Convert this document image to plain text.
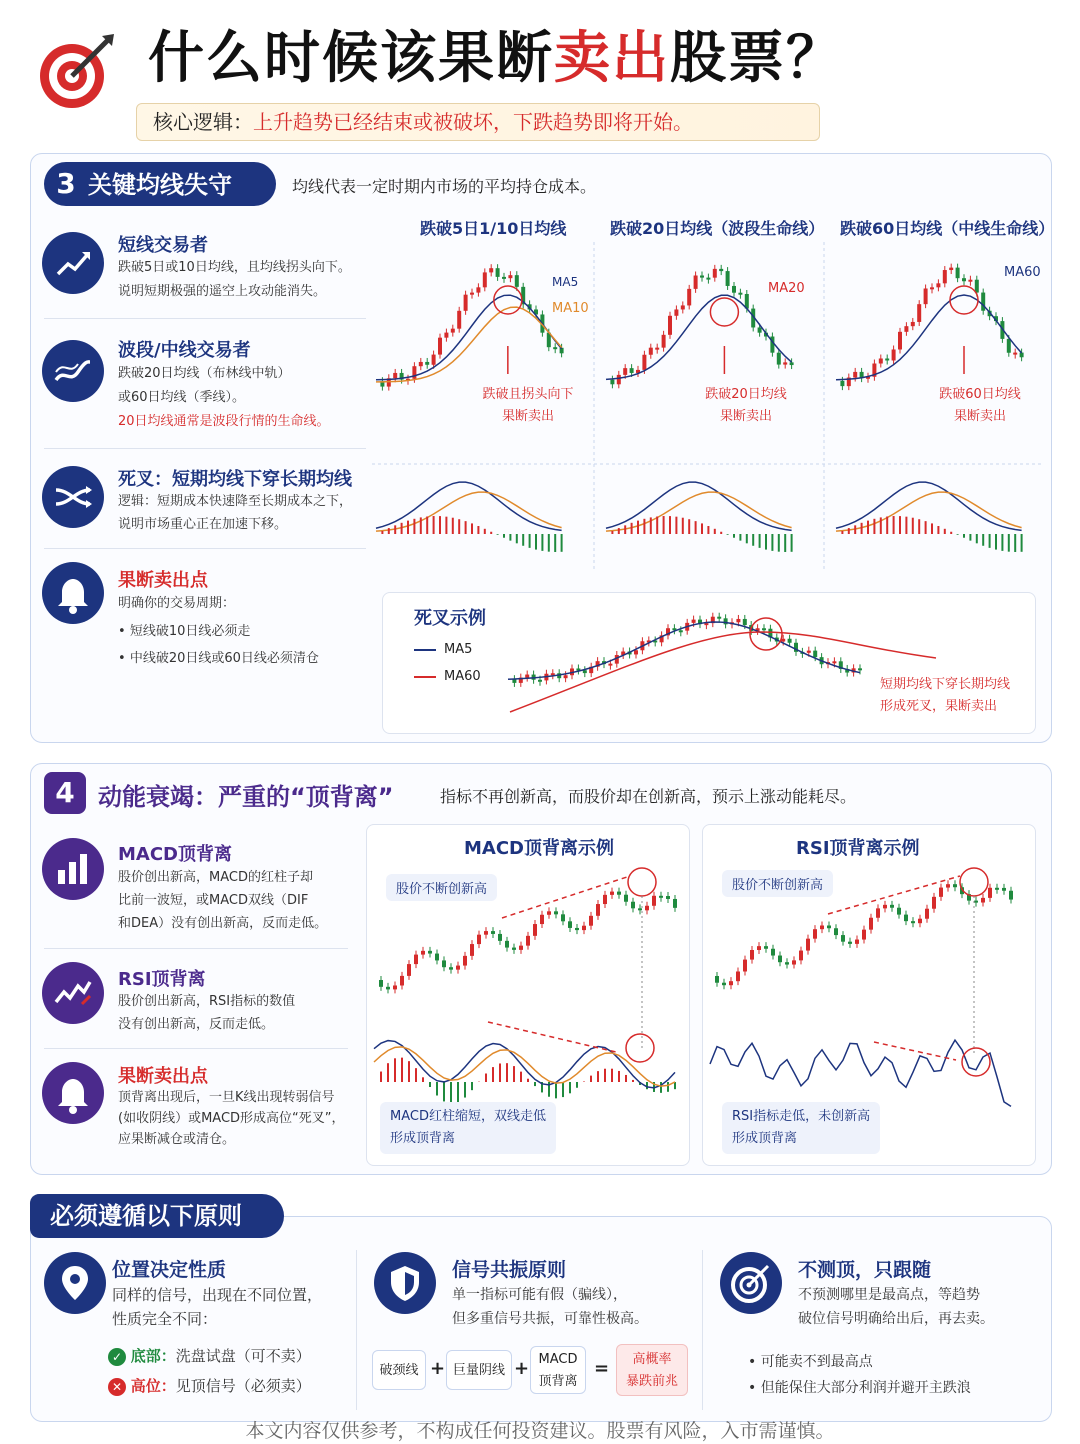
什么时候该果断卖出股票？
核心逻辑：上升趋势已经结束或被破坏，下跌趋势即将开始。
3 关键均线失守	均线代表一定时期内市场的平均持仓成本。
短线交易者
跌破5日或10日均线，且均线拐头向下。
说明短期极强的遥空上攻动能消失。
波段/中线交易者
跌破20日均线（布林线中轨）
或60日均线（季线）。
20日均线通常是波段行情的生命线。
死叉：短期均线下穿长期均线
逻辑：短期成本快速降至长期成本之下，
说明市场重心正在加速下移。
果断卖出点
明确你的交易周期：
• 短线破10日线必须走
• 中线破20日线或60日线必须清仓
跌破5日1/10日均线	跌破20日均线（波段生命线） 跌破60日均线（中线生命线）
MA5
MA10
MA20
MA60
跌破且拐头向下
果断卖出
跌破20日均线
果断卖出
跌破60日均线
果断卖出
死叉示例
MA5
MA60
短期均线下穿长期均线
形成死叉，果断卖出
4 动能衰竭：严重的“顶背离”	指标不再创新高，而股价却在创新高，预示上涨动能耗尽。
MACD顶背离
股价创出新高，MACD的红柱子却
比前一波短，或MACD双线（DIF
和DEA）没有创出新高，反而走低。
RSI顶背离
股价创出新高，RSI指标的数值
没有创出新高，反而走低。
果断卖出点
顶背离出现后，一旦K线出现转弱信号
(如收阴线）或MACD形成高位“死叉”，
应果断减仓或清仓。
MACD顶背离示例
股价不断创新高
MACD红柱缩短，双线走低
形成顶背离
RSI顶背离示例
股价不断创新高
RSI指标走低，未创新高
形成顶背离
必须遵循以下原则
位置决定性质
同样的信号，出现在不同位置，
性质完全不同：
✓ 底部：洗盘试盘（可不卖）
✕ 高位：见顶信号（必须卖）
信号共振原则
单一指标可能有假（骗线），
但多重信号共振，可靠性极高。
破颈线 + 巨量阴线 + MACD
顶背离
=	高概率
暴跌前兆
不测顶，只跟随
不预测哪里是最高点，等趋势
破位信号明确给出后，再去卖。
• 可能卖不到最高点
• 但能保住大部分利润并避开主跌浪
本文内容仅供参考，不构成任何投资建议。股票有风险，入市需谨慎。
